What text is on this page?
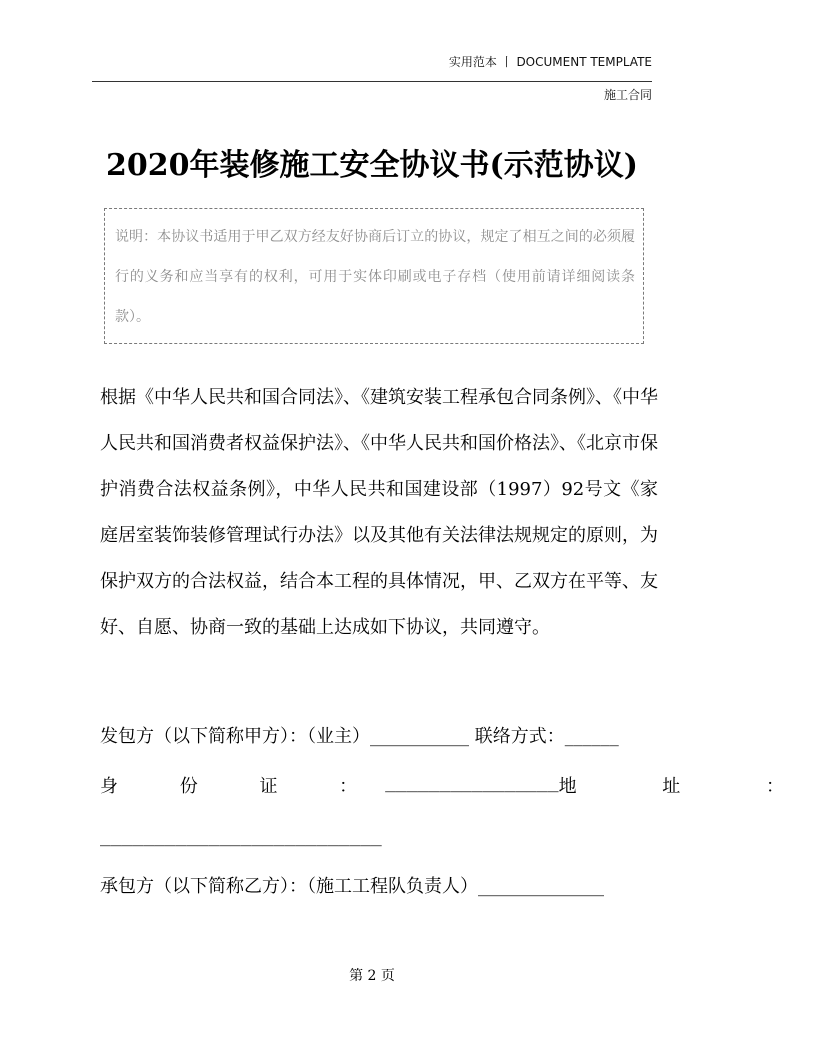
实用范本 丨 DOCUMENT TEMPLATE
施工合同
2020年装修施工安全协议书(示范协议)
说明：本协议书适用于甲乙双方经友好协商后订立的协议，规定了相互之间的必须履行的义务和应当享有的权利，可用于实体印刷或电子存档（使用前请详细阅读条款）。
根据《中华人民共和国合同法》、《建筑安装工程承包合同条例》、《中华人民共和国消费者权益保护法》、《中华人民共和国价格法》、《北京市保护消费合法权益条例》，中华人民共和国建设部（1997）92号文《家庭居室装饰装修管理试行办法》以及其他有关法律法规规定的原则，为保护双方的合法权益，结合本工程的具体情况，甲、乙双方在平等、友好、自愿、协商一致的基础上达成如下协议，共同遵守。
发包方（以下简称甲方）：（业主）___________ 联络方式：______
身 份 证 ： ________________ 地 址 ：
__________________________
承包方（以下简称乙方）：（施工工程队负责人）______________
第 2 页
